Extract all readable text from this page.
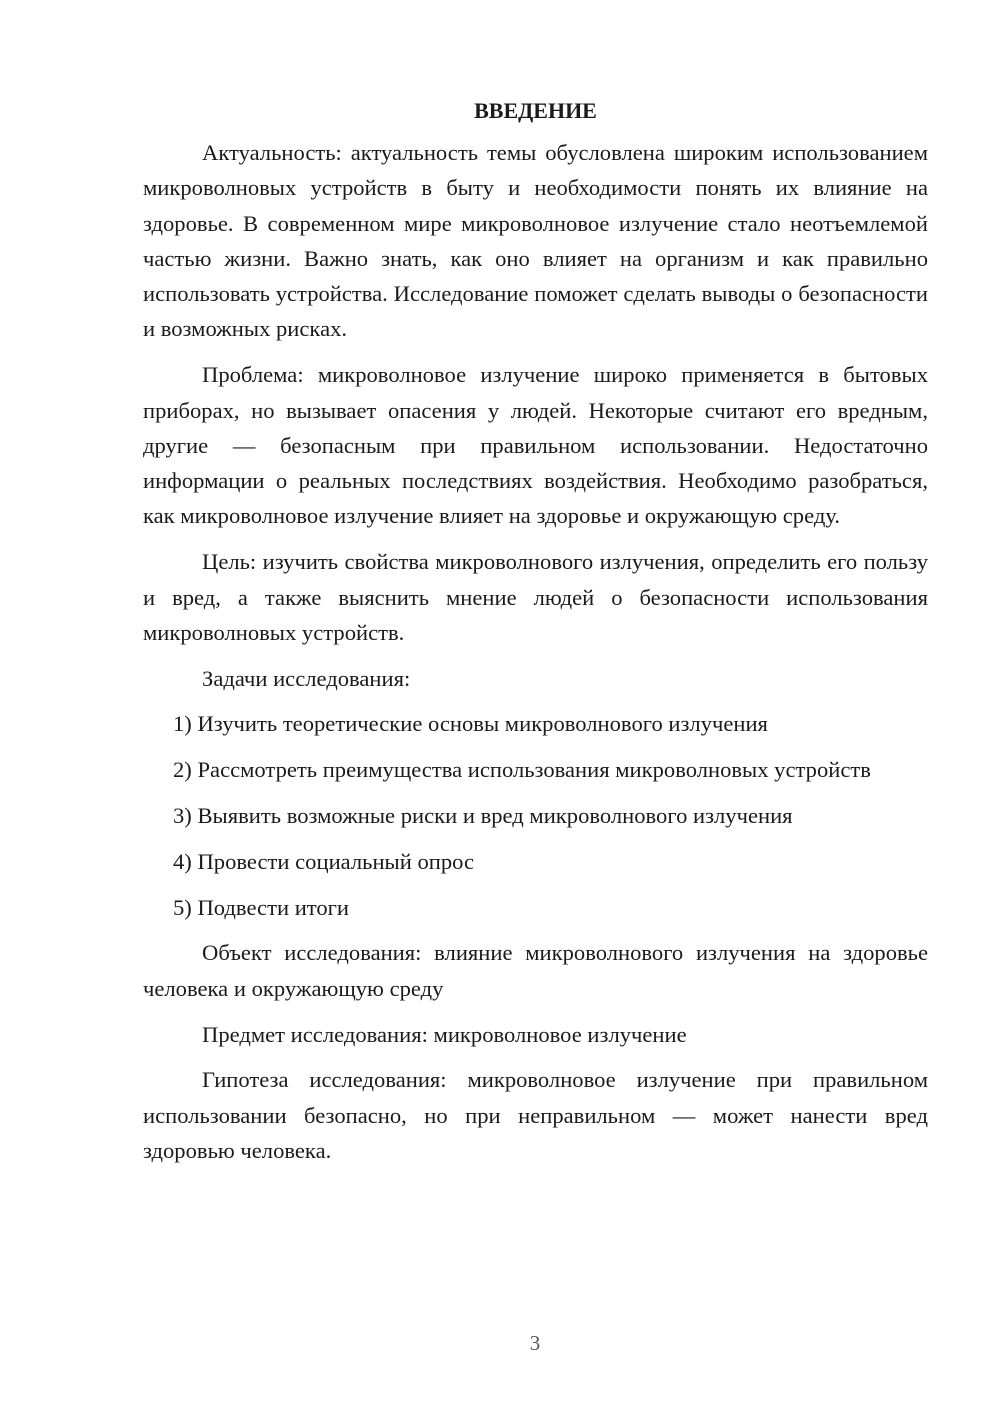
ВВЕДЕНИЕ

Актуальность: актуальность темы обусловлена широким использованием микроволновых устройств в быту и необходимости понять их влияние на здоровье. В современном мире микроволновое излучение стало неотъемлемой частью жизни. Важно знать, как оно влияет на организм и как правильно использовать устройства. Исследование поможет сделать выводы о безопасности и возможных рисках.

Проблема: микроволновое излучение широко применяется в бытовых приборах, но вызывает опасения у людей. Некоторые считают его вредным, другие — безопасным при правильном использовании. Недостаточно информации о реальных последствиях воздействия. Необходимо разобраться, как микроволновое излучение влияет на здоровье и окружающую среду.

Цель: изучить свойства микроволнового излучения, определить его пользу и вред, а также выяснить мнение людей о безопасности использования микроволновых устройств.

Задачи исследования:

1) Изучить теоретические основы микроволнового излучения

2) Рассмотреть преимущества использования микроволновых устройств

3) Выявить возможные риски и вред микроволнового излучения

4) Провести социальный опрос

5) Подвести итоги

Объект исследования: влияние микроволнового излучения на здоровье человека и окружающую среду

Предмет исследования: микроволновое излучение

Гипотеза исследования: микроволновое излучение при правильном использовании безопасно, но при неправильном — может нанести вред здоровью человека.

3
